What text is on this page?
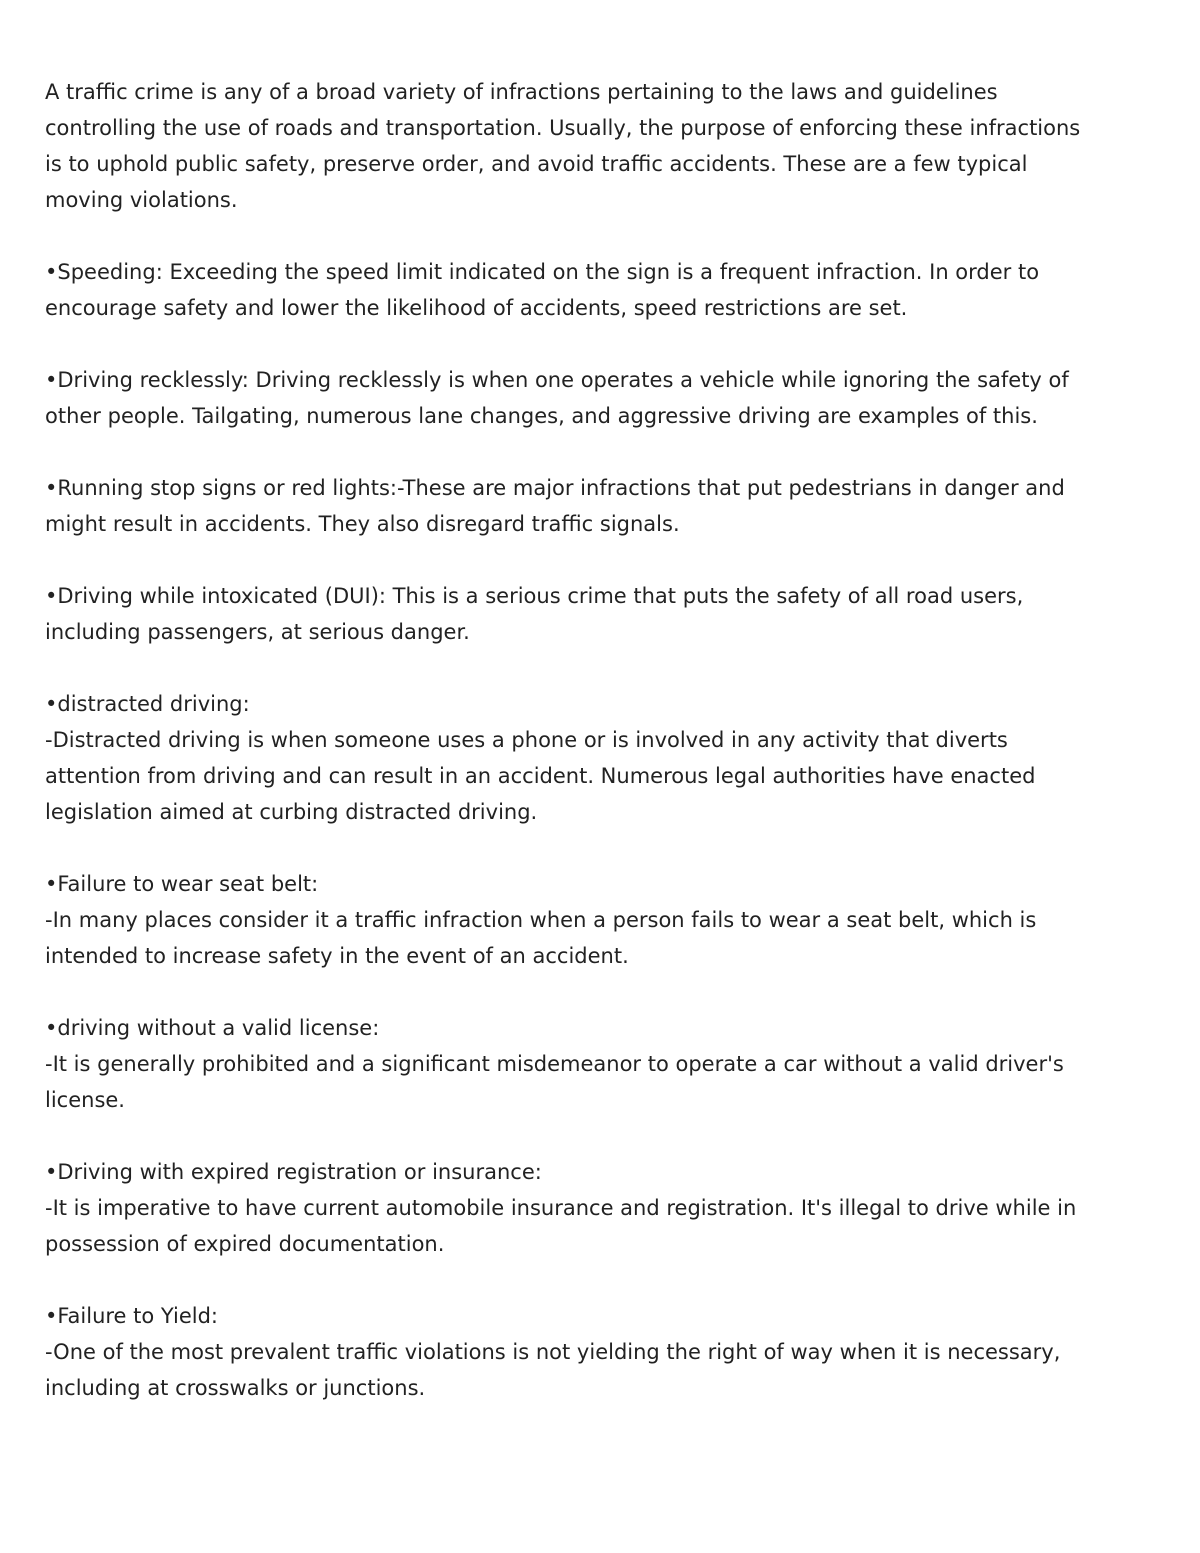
A traffic crime is any of a broad variety of infractions pertaining to the laws and guidelines
controlling the use of roads and transportation. Usually, the purpose of enforcing these infractions
is to uphold public safety, preserve order, and avoid traffic accidents. These are a few typical
moving violations.

•Speeding: Exceeding the speed limit indicated on the sign is a frequent infraction. In order to
encourage safety and lower the likelihood of accidents, speed restrictions are set.

•Driving recklessly: Driving recklessly is when one operates a vehicle while ignoring the safety of
other people. Tailgating, numerous lane changes, and aggressive driving are examples of this.

•Running stop signs or red lights:-These are major infractions that put pedestrians in danger and
might result in accidents. They also disregard traffic signals.

•Driving while intoxicated (DUI): This is a serious crime that puts the safety of all road users,
including passengers, at serious danger.

•distracted driving:
-Distracted driving is when someone uses a phone or is involved in any activity that diverts
attention from driving and can result in an accident. Numerous legal authorities have enacted
legislation aimed at curbing distracted driving.

•Failure to wear seat belt:
-In many places consider it a traffic infraction when a person fails to wear a seat belt, which is
intended to increase safety in the event of an accident.

•driving without a valid license:
-It is generally prohibited and a significant misdemeanor to operate a car without a valid driver's
license.

•Driving with expired registration or insurance:
-It is imperative to have current automobile insurance and registration. It's illegal to drive while in
possession of expired documentation.

•Failure to Yield:
-One of the most prevalent traffic violations is not yielding the right of way when it is necessary,
including at crosswalks or junctions.
